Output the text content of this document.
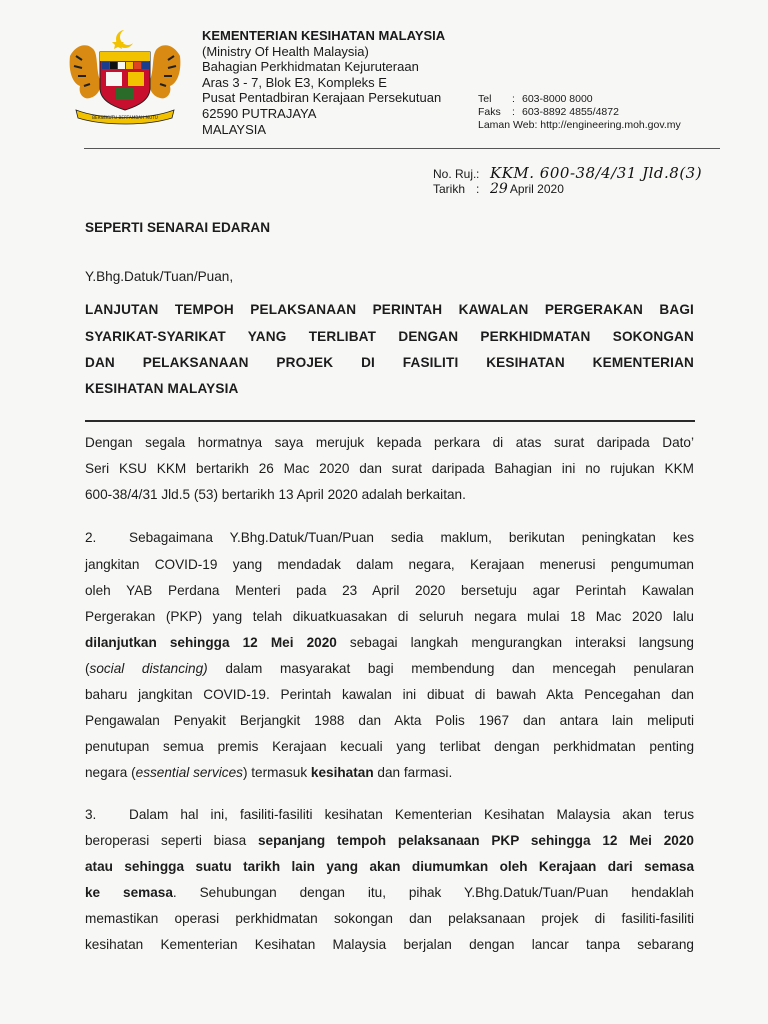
BERSEKUTU BERTAMBAH MUTU
KEMENTERIAN KESIHATAN MALAYSIA
(Ministry Of Health Malaysia)
Bahagian Perkhidmatan Kejuruteraan
Aras 3 - 7, Blok E3, Kompleks E
Pusat Pentadbiran Kerajaan Persekutuan
62590 PUTRAJAYA
MALAYSIA
Tel	: 603-8000 8000
Faks	: 603-8892 4855/4872
Laman Web : http://engineering.moh.gov.my
No. Ruj. : KKM. 600-38/4/31 Jld.8(3)
Tarikh : 29 April 2020
SEPERTI SENARAI EDARAN
Y.Bhg.Datuk/Tuan/Puan,
LANJUTAN TEMPOH PELAKSANAAN PERINTAH KAWALAN PERGERAKAN BAGI
SYARIKAT-SYARIKAT YANG TERLIBAT DENGAN PERKHIDMATAN SOKONGAN
DAN PELAKSANAAN PROJEK DI FASILITI KESIHATAN KEMENTERIAN
KESIHATAN MALAYSIA
Dengan segala hormatnya saya merujuk kepada perkara di atas surat daripada Dato’
Seri KSU KKM bertarikh 26 Mac 2020 dan surat daripada Bahagian ini no rujukan KKM
600-38/4/31 Jld.5 (53) bertarikh 13 April 2020 adalah berkaitan.
2. Sebagaimana Y.Bhg.Datuk/Tuan/Puan sedia maklum, berikutan peningkatan kes
jangkitan COVID-19 yang mendadak dalam negara, Kerajaan menerusi pengumuman
oleh YAB Perdana Menteri pada 23 April 2020 bersetuju agar Perintah Kawalan
Pergerakan (PKP) yang telah dikuatkuasakan di seluruh negara mulai 18 Mac 2020 lalu
dilanjutkan sehingga 12 Mei 2020 sebagai langkah mengurangkan interaksi langsung
(social distancing) dalam masyarakat bagi membendung dan mencegah penularan
baharu jangkitan COVID-19. Perintah kawalan ini dibuat di bawah Akta Pencegahan dan
Pengawalan Penyakit Berjangkit 1988 dan Akta Polis 1967 dan antara lain meliputi
penutupan semua premis Kerajaan kecuali yang terlibat dengan perkhidmatan penting
negara (essential services) termasuk kesihatan dan farmasi.
3. Dalam hal ini, fasiliti-fasiliti kesihatan Kementerian Kesihatan Malaysia akan terus
beroperasi seperti biasa sepanjang tempoh pelaksanaan PKP sehingga 12 Mei 2020
atau sehingga suatu tarikh lain yang akan diumumkan oleh Kerajaan dari semasa
ke semasa. Sehubungan dengan itu, pihak Y.Bhg.Datuk/Tuan/Puan hendaklah
memastikan operasi perkhidmatan sokongan dan pelaksanaan projek di fasiliti-fasiliti
kesihatan Kementerian Kesihatan Malaysia berjalan dengan lancar tanpa sebarang
